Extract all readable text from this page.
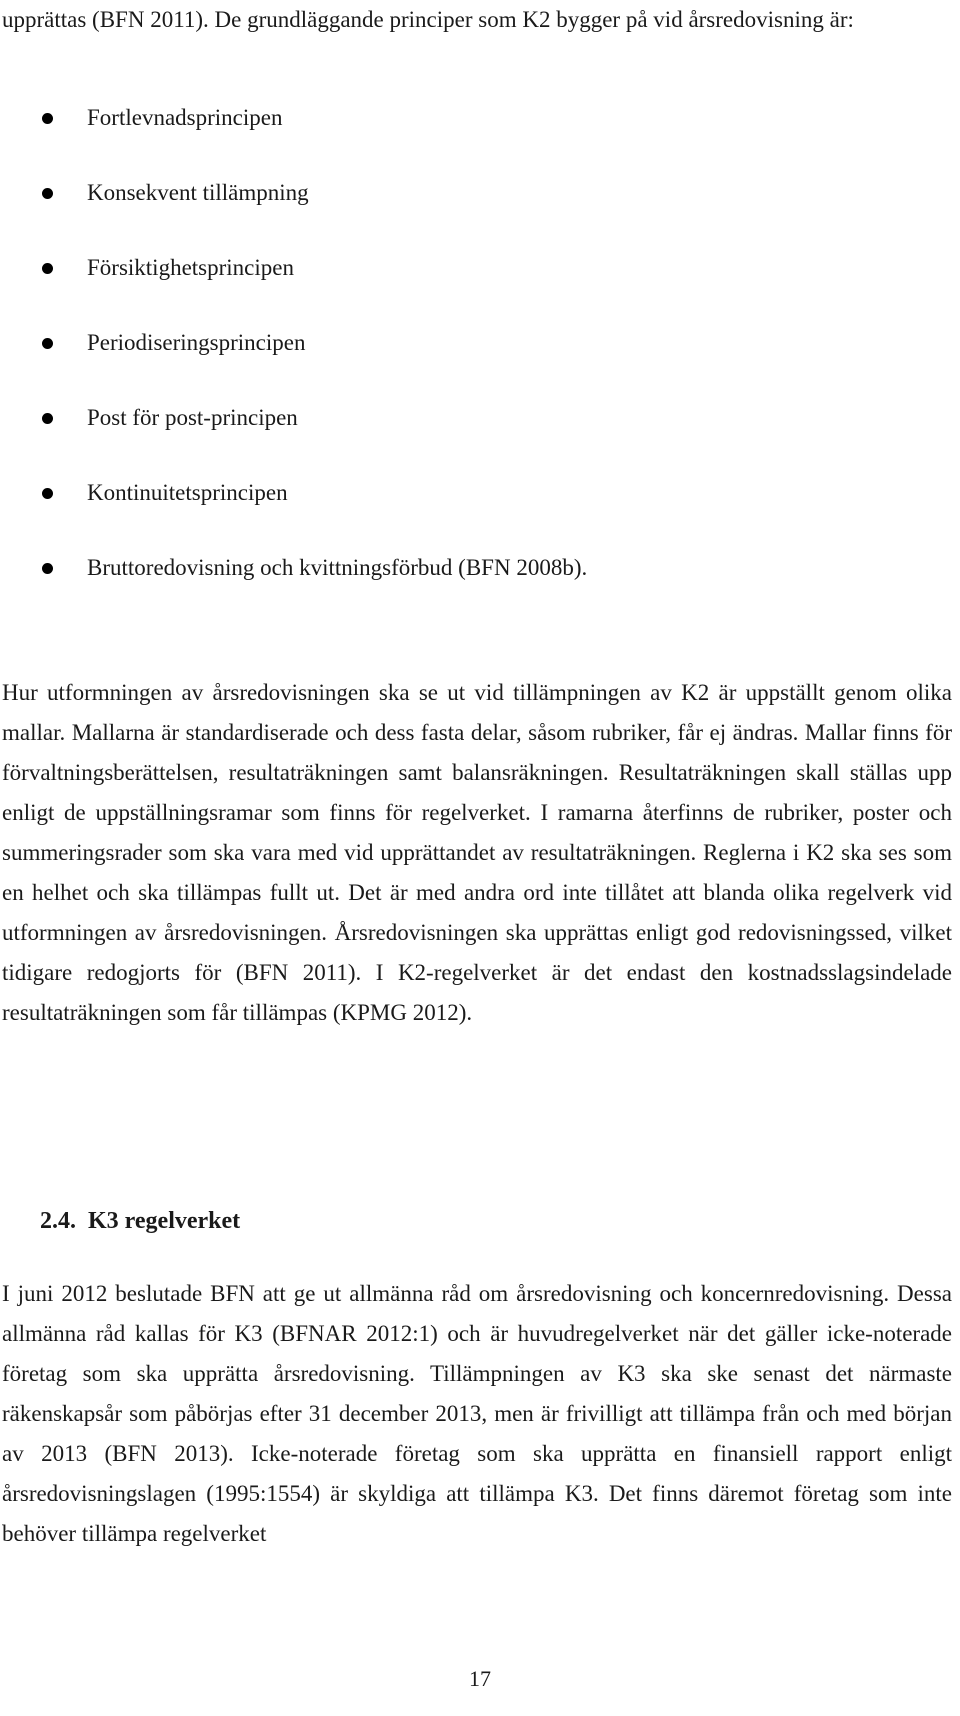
upprättas (BFN 2011). De grundläggande principer som K2 bygger på vid årsredovisning är:

Fortlevnadsprincipen
Konsekvent tillämpning
Försiktighetsprincipen
Periodiseringsprincipen
Post för post-principen
Kontinuitetsprincipen
Bruttoredovisning och kvittningsförbud (BFN 2008b).

Hur utformningen av årsredovisningen ska se ut vid tillämpningen av K2 är uppställt genom olika mallar. Mallarna är standardiserade och dess fasta delar, såsom rubriker, får ej ändras. Mallar finns för förvaltningsberättelsen, resultaträkningen samt balansräkningen. Resultaträkningen skall ställas upp enligt de uppställningsramar som finns för regelverket. I ramarna återfinns de rubriker, poster och summeringsrader som ska vara med vid upprättandet av resultaträkningen. Reglerna i K2 ska ses som en helhet och ska tillämpas fullt ut. Det är med andra ord inte tillåtet att blanda olika regelverk vid utformningen av årsredovisningen. Årsredovisningen ska upprättas enligt god redovisningssed, vilket tidigare redogjorts för (BFN 2011). I K2-regelverket är det endast den kostnadsslagsindelade resultaträkningen som får tillämpas (KPMG 2012).

2.4. K3 regelverket

I juni 2012 beslutade BFN att ge ut allmänna råd om årsredovisning och koncernredovisning. Dessa allmänna råd kallas för K3 (BFNAR 2012:1) och är huvudregelverket när det gäller icke-noterade företag som ska upprätta årsredovisning. Tillämpningen av K3 ska ske senast det närmaste räkenskapsår som påbörjas efter 31 december 2013, men är frivilligt att tillämpa från och med början av 2013 (BFN 2013). Icke-noterade företag som ska upprätta en finansiell rapport enligt årsredovisningslagen (1995:1554) är skyldiga att tillämpa K3. Det finns däremot företag som inte behöver tillämpa regelverket

17
